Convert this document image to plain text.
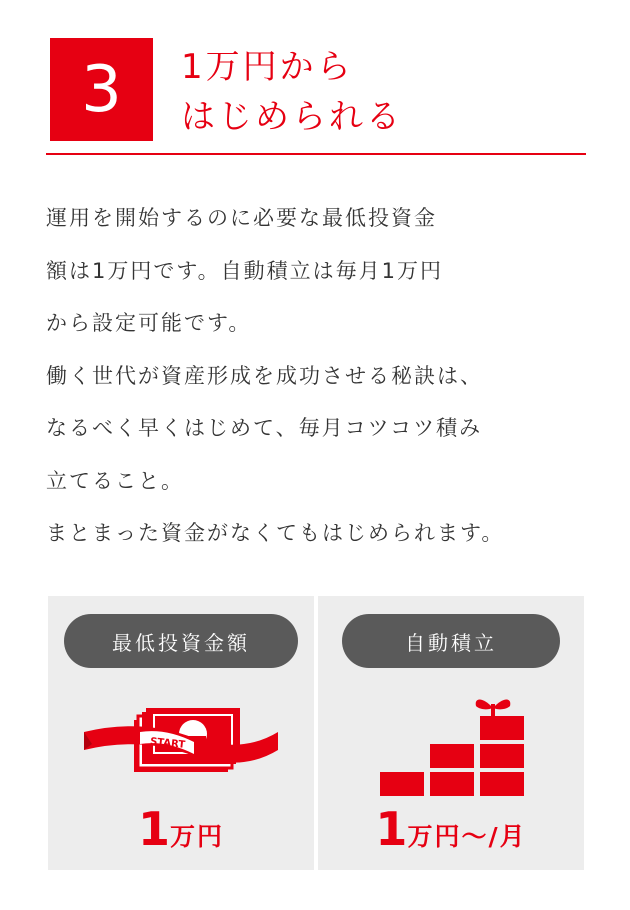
3	1万円から
はじめられる

運用を開始するのに必要な最低投資金

額は1万円です。自動積立は毎月1万円

から設定可能です。

働く世代が資産形成を成功させる秘訣は、

なるべく早くはじめて、毎月コツコツ積み

立てること。

まとまった資金がなくてもはじめられます。

最低投資金額
START
1万円
自動積立
1万円〜/月
